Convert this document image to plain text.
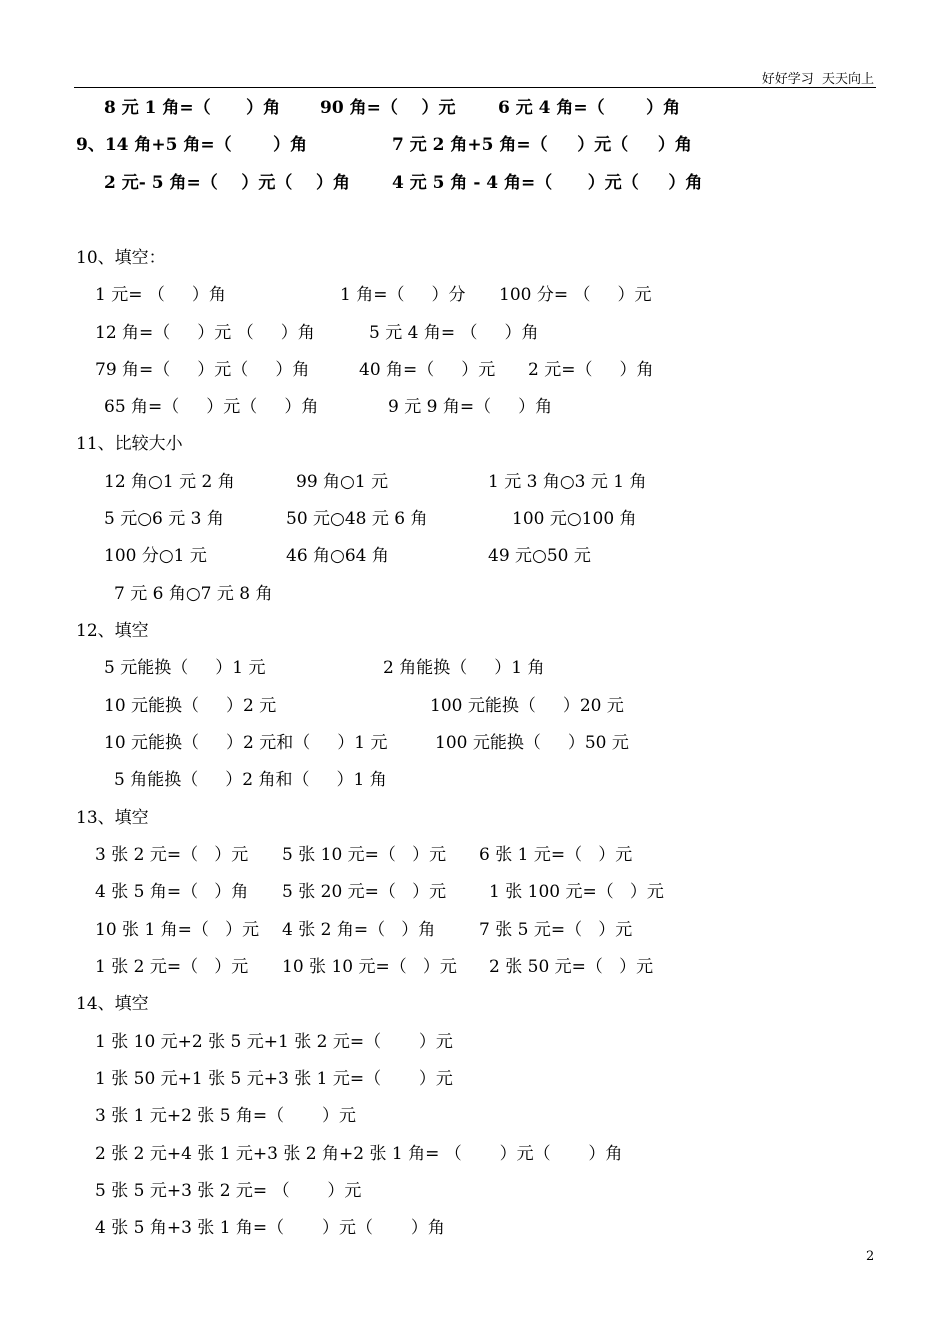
好好学习  天天向上

8 元 1 角=（      ）角

90 角=（    ）元

	6 元 4 角=（       ）角

9、14 角+5 角=（       ）角

	7 元 2 角+5 角=（     ）元（     ）角

2 元- 5 角=（    ）元（    ）角

4 元 5 角 - 4 角=（      ）元（     ）角

10、填空：

1 元= （     ）角

	1 角=（     ）分

100 分= （     ）元

12 角=（     ）元 （     ）角

	5 元 4 角= （     ）角

79 角=（     ）元（     ）角

	40 角=（     ）元

2 元=（     ）角

65 角=（     ）元（     ）角

	9 元 9 角=（     ）角

11、比较大小

12 角○1 元 2 角

	99 角○1 元

	1 元 3 角○3 元 1 角

5 元○6 元 3 角

	50 元○48 元 6 角

	100 元○100 角

100 分○1 元

	46 角○64 角

	49 元○50 元

7 元 6 角○7 元 8 角

12、填空

5 元能换（     ）1 元

	2 角能换（     ）1 角

10 元能换（     ）2 元

	100 元能换（     ）20 元

10 元能换（     ）2 元和（     ）1 元

	100 元能换（     ）50 元

5 角能换（     ）2 角和（     ）1 角

13、填空

3 张 2 元=（   ）元

5 张 10 元=（   ）元

6 张 1 元=（   ）元

4 张 5 角=（   ）角

5 张 20 元=（   ）元

	1 张 100 元=（   ）元

10 张 1 角=（   ）元

4 张 2 角=（   ）角

	7 张 5 元=（   ）元

1 张 2 元=（   ）元

10 张 10 元=（   ）元

2 张 50 元=（   ）元

14、填空
1 张 10 元+2 张 5 元+1 张 2 元=（       ）元
1 张 50 元+1 张 5 元+3 张 1 元=（       ）元
3 张 1 元+2 张 5 角=（       ）元
2 张 2 元+4 张 1 元+3 张 2 角+2 张 1 角= （       ）元（       ）角
5 张 5 元+3 张 2 元= （       ）元
4 张 5 角+3 张 1 角=（       ）元（       ）角
2
